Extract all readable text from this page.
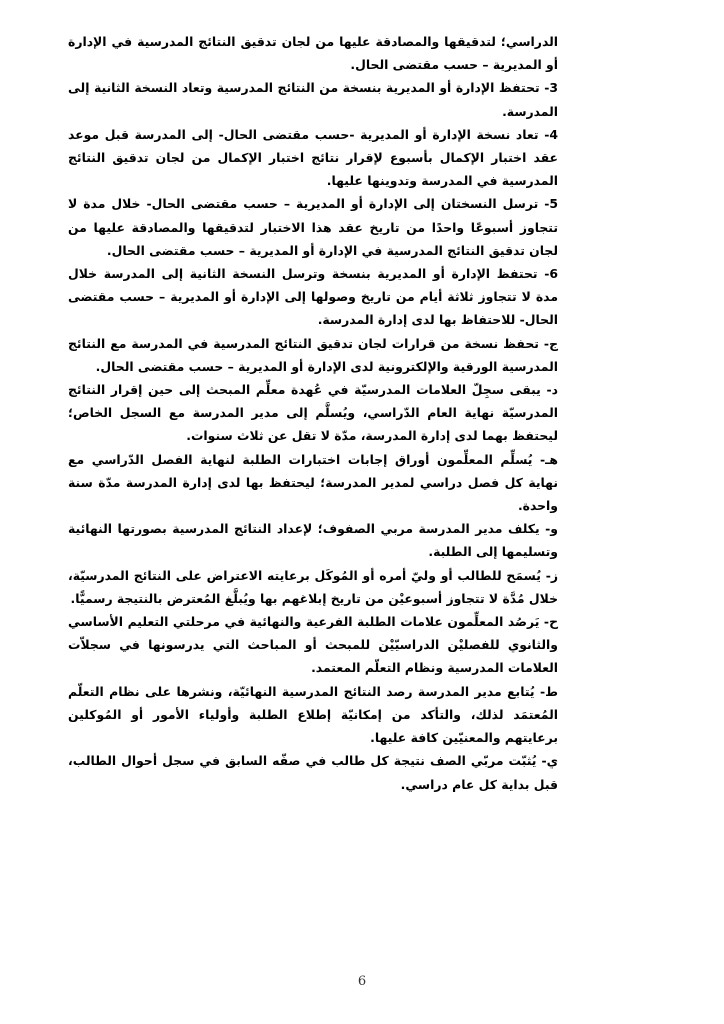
الدراسي؛ لتدقيقها والمصادقة عليها من لجان تدقيق النتائج المدرسية في الإدارة أو المديرية – حسب مقتضى الحال.

3- تحتفظ الإدارة أو المديرية بنسخة من النتائج المدرسية وتعاد النسخة الثانية إلى المدرسة.

4- تعاد نسخة الإدارة أو المديرية -حسب مقتضى الحال- إلى المدرسة قبل موعد عقد اختبار الإكمال بأسبوع لإقرار نتائج اختبار الإكمال من لجان تدقيق النتائج المدرسية في المدرسة وتدوينها عليها.

5- ترسل النسختان إلى الإدارة أو المديرية – حسب مقتضى الحال- خلال مدة لا تتجاوز أسبوعًا واحدًا من تاريخ عقد هذا الاختبار لتدقيقها والمصادقة عليها من لجان تدقيق النتائج المدرسية في الإدارة أو المديرية – حسب مقتضى الحال.

6- تحتفظ الإدارة أو المديرية بنسخة وترسل النسخة الثانية إلى المدرسة خلال مدة لا تتجاوز ثلاثة أيام من تاريخ وصولها إلى الإدارة أو المديرية – حسب مقتضى الحال- للاحتفاظ بها لدى إدارة المدرسة.

ج- تحفظ نسخة من قرارات لجان تدقيق النتائج المدرسية في المدرسة مع النتائج المدرسية الورقية والإلكترونية لدى الإدارة أو المديرية – حسب مقتضى الحال.

د- يبقى سجِلّ العلامات المدرسيّة في عُهدة معلِّم المبحث إلى حين إقرار النتائج المدرسيّة نهاية العام الدّراسي، ويُسلَّم إلى مدير المدرسة مع السجل الخاص؛ ليحتفظ بهما لدى إدارة المدرسة، مدّة لا تقل عن ثلاث سنوات.

هـ- يُسلِّم المعلِّمون أوراق إجابات اختبارات الطلبة لنهاية الفصل الدّراسي مع نهاية كل فصل دراسي لمدير المدرسة؛ ليحتفظ بها لدى إدارة المدرسة مدّة سنة واحدة.

و- يكلف مدير المدرسة مربي الصفوف؛ لإعداد النتائج المدرسية بصورتها النهائية وتسليمها إلى الطلبة.

ز- يُسمَح للطالب أو وليّ أمره أو المُوكَل برعايته الاعتراض على النتائج المدرسيّة، خلال مُدَّة لا تتجاوز أسبوعيْن من تاريخ إبلاغهم بها ويُبلَّغ المُعترض بالنتيجة رسميًّا.

ح- يَرصُد المعلِّمون علامات الطلبة الفرعية والنهائية في مرحلتي التعليم الأساسي والثانوي للفصليْن الدراسيّيْن للمبحث أو المباحث التي يدرسونها في سجلاّت العلامات المدرسية ونظام التعلّم المعتمد.

ط- يُتابع مدير المدرسة رصد النتائج المدرسية النهائيّة، ونشرها على نظام التعلّم المُعتمَد لذلك، والتأكد من إمكانيّة إطلاع الطلبة وأولياء الأمور أو المُوكلين برعايتهم والمعنيّين كافة عليها.

ي- يُثبّت مربّي الصف نتيجة كل طالب في صفّه السابق في سجل أحوال الطالب، قبل بداية كل عام دراسي.

6
